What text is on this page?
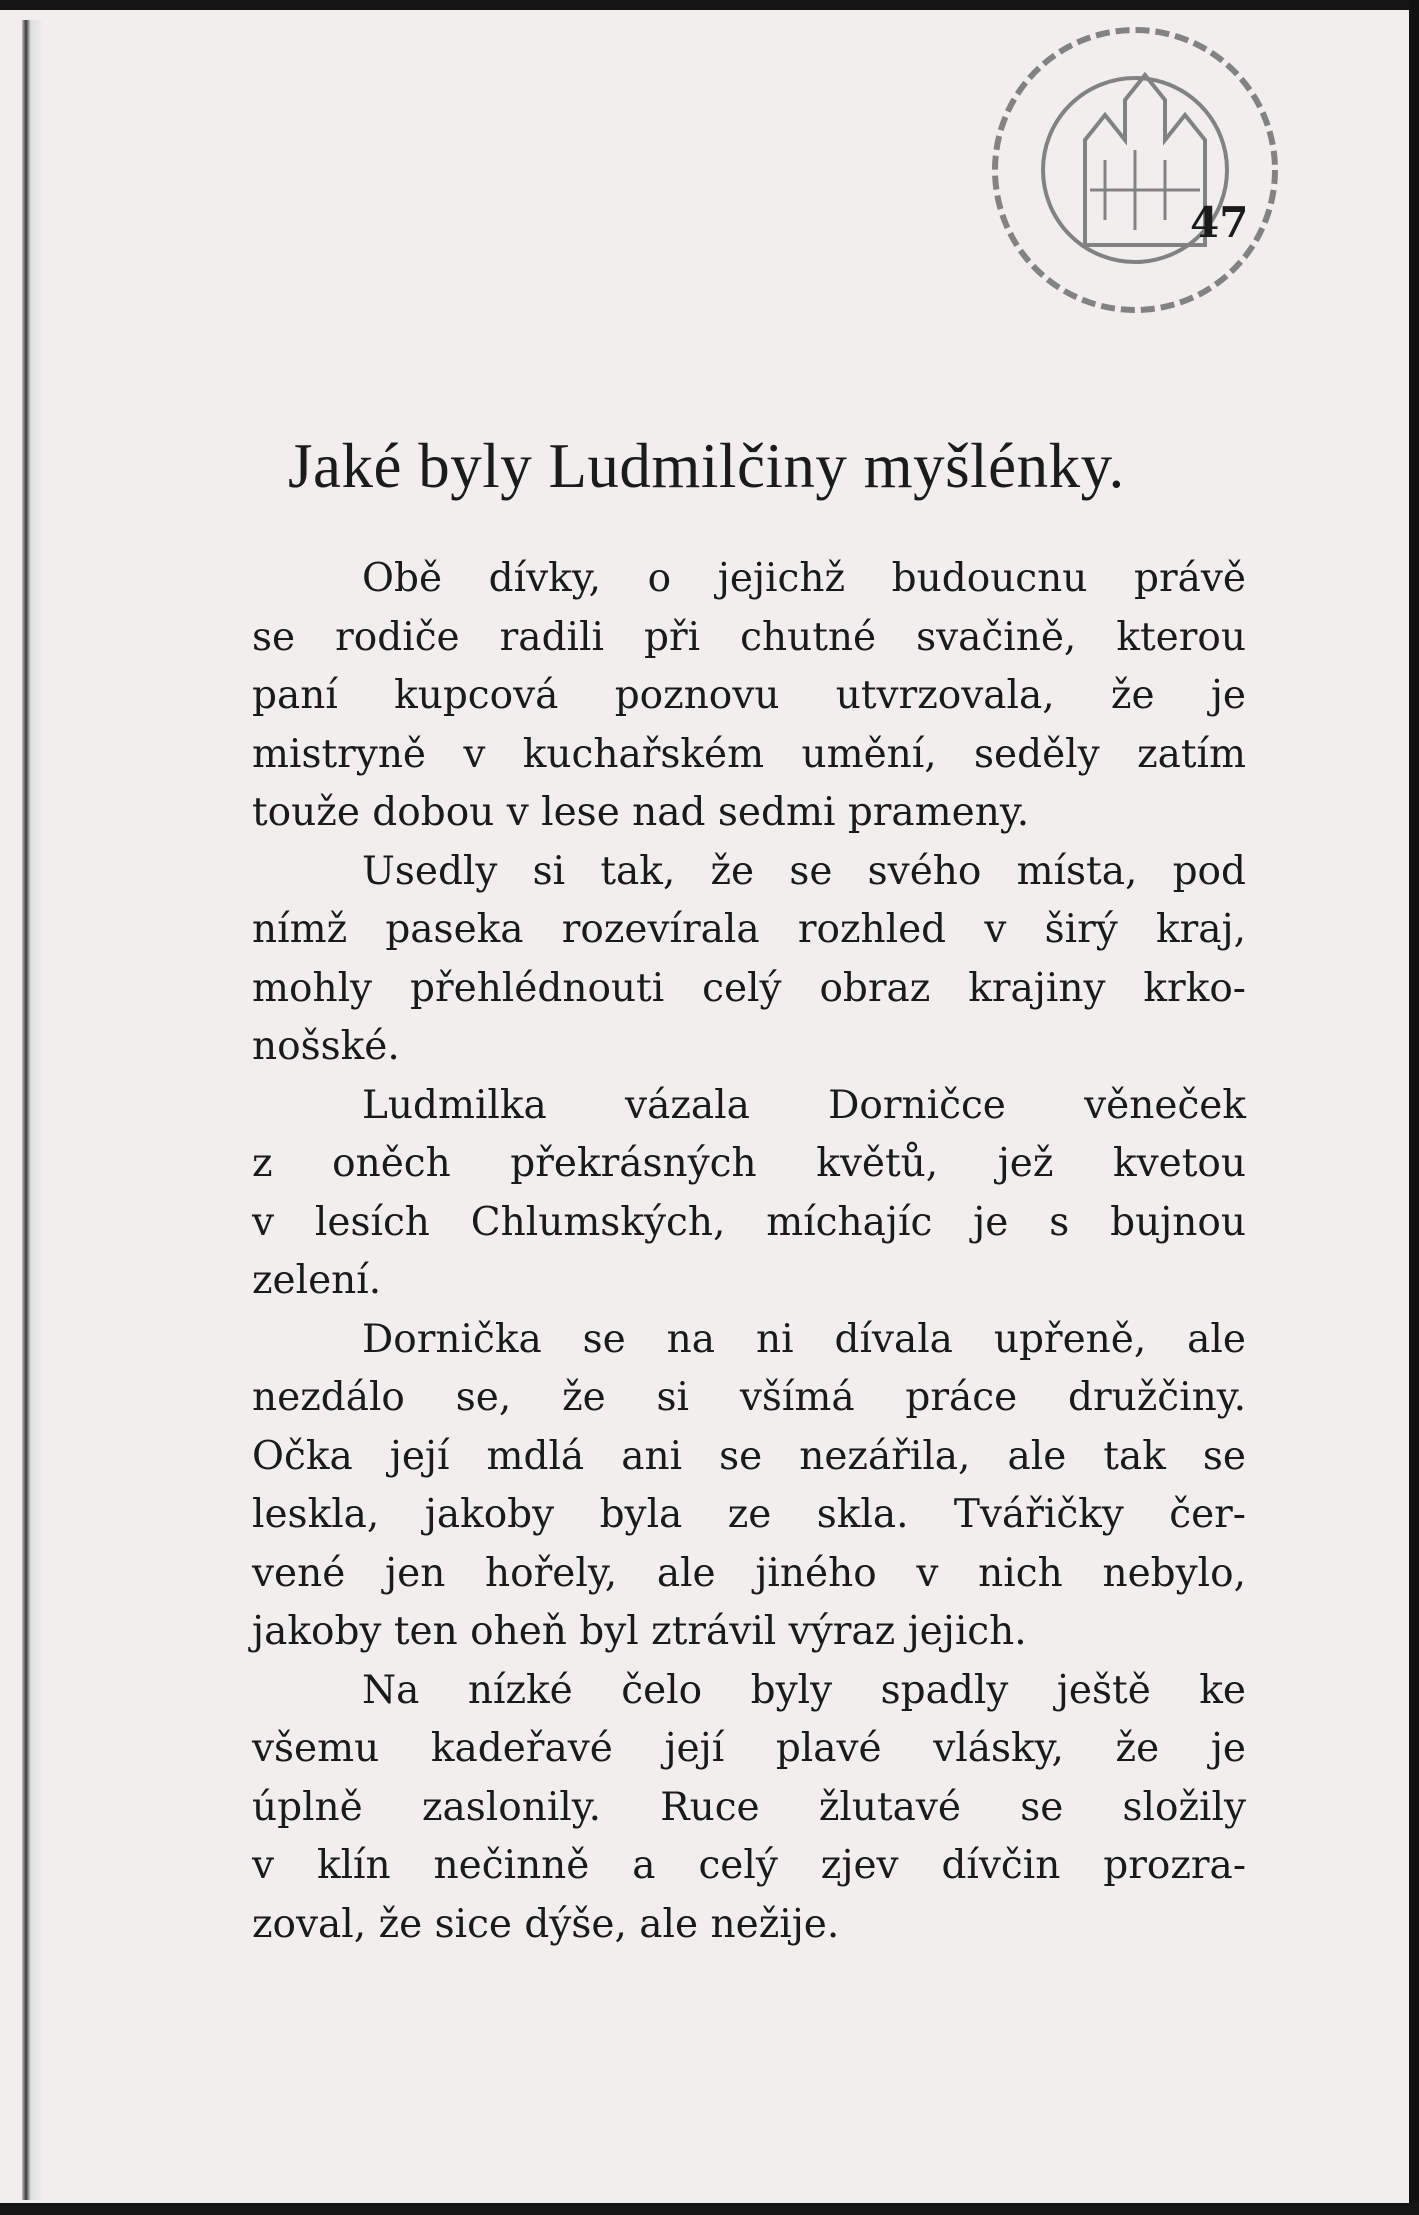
47
Jaké byly Ludmilčiny myšlénky.
Obě dívky, o jejichž budoucnu právě
se rodiče radili při chutné svačině, kterou
paní kupcová poznovu utvrzovala, že je
mistryně v kuchařském umění, seděly zatím
touže dobou v lese nad sedmi prameny.
Usedly si tak, že se svého místa, pod
nímž paseka rozevírala rozhled v širý kraj,
mohly přehlédnouti celý obraz krajiny krko-
nošské.
Ludmilka vázala Dorničce věneček
z oněch překrásných květů, jež kvetou
v lesích Chlumských, míchajíc je s bujnou
zelení.
Dornička se na ni dívala upřeně, ale
nezdálo se, že si všímá práce družčiny.
Očka její mdlá ani se nezářila, ale tak se
leskla, jakoby byla ze skla. Tvářičky čer-
vené jen hořely, ale jiného v nich nebylo,
jakoby ten oheň byl ztrávil výraz jejich.
Na nízké čelo byly spadly ještě ke
všemu kadeřavé její plavé vlásky, že je
úplně zaslonily. Ruce žlutavé se složily
v klín nečinně a celý zjev dívčin prozra-
zoval, že sice dýše, ale nežije.
